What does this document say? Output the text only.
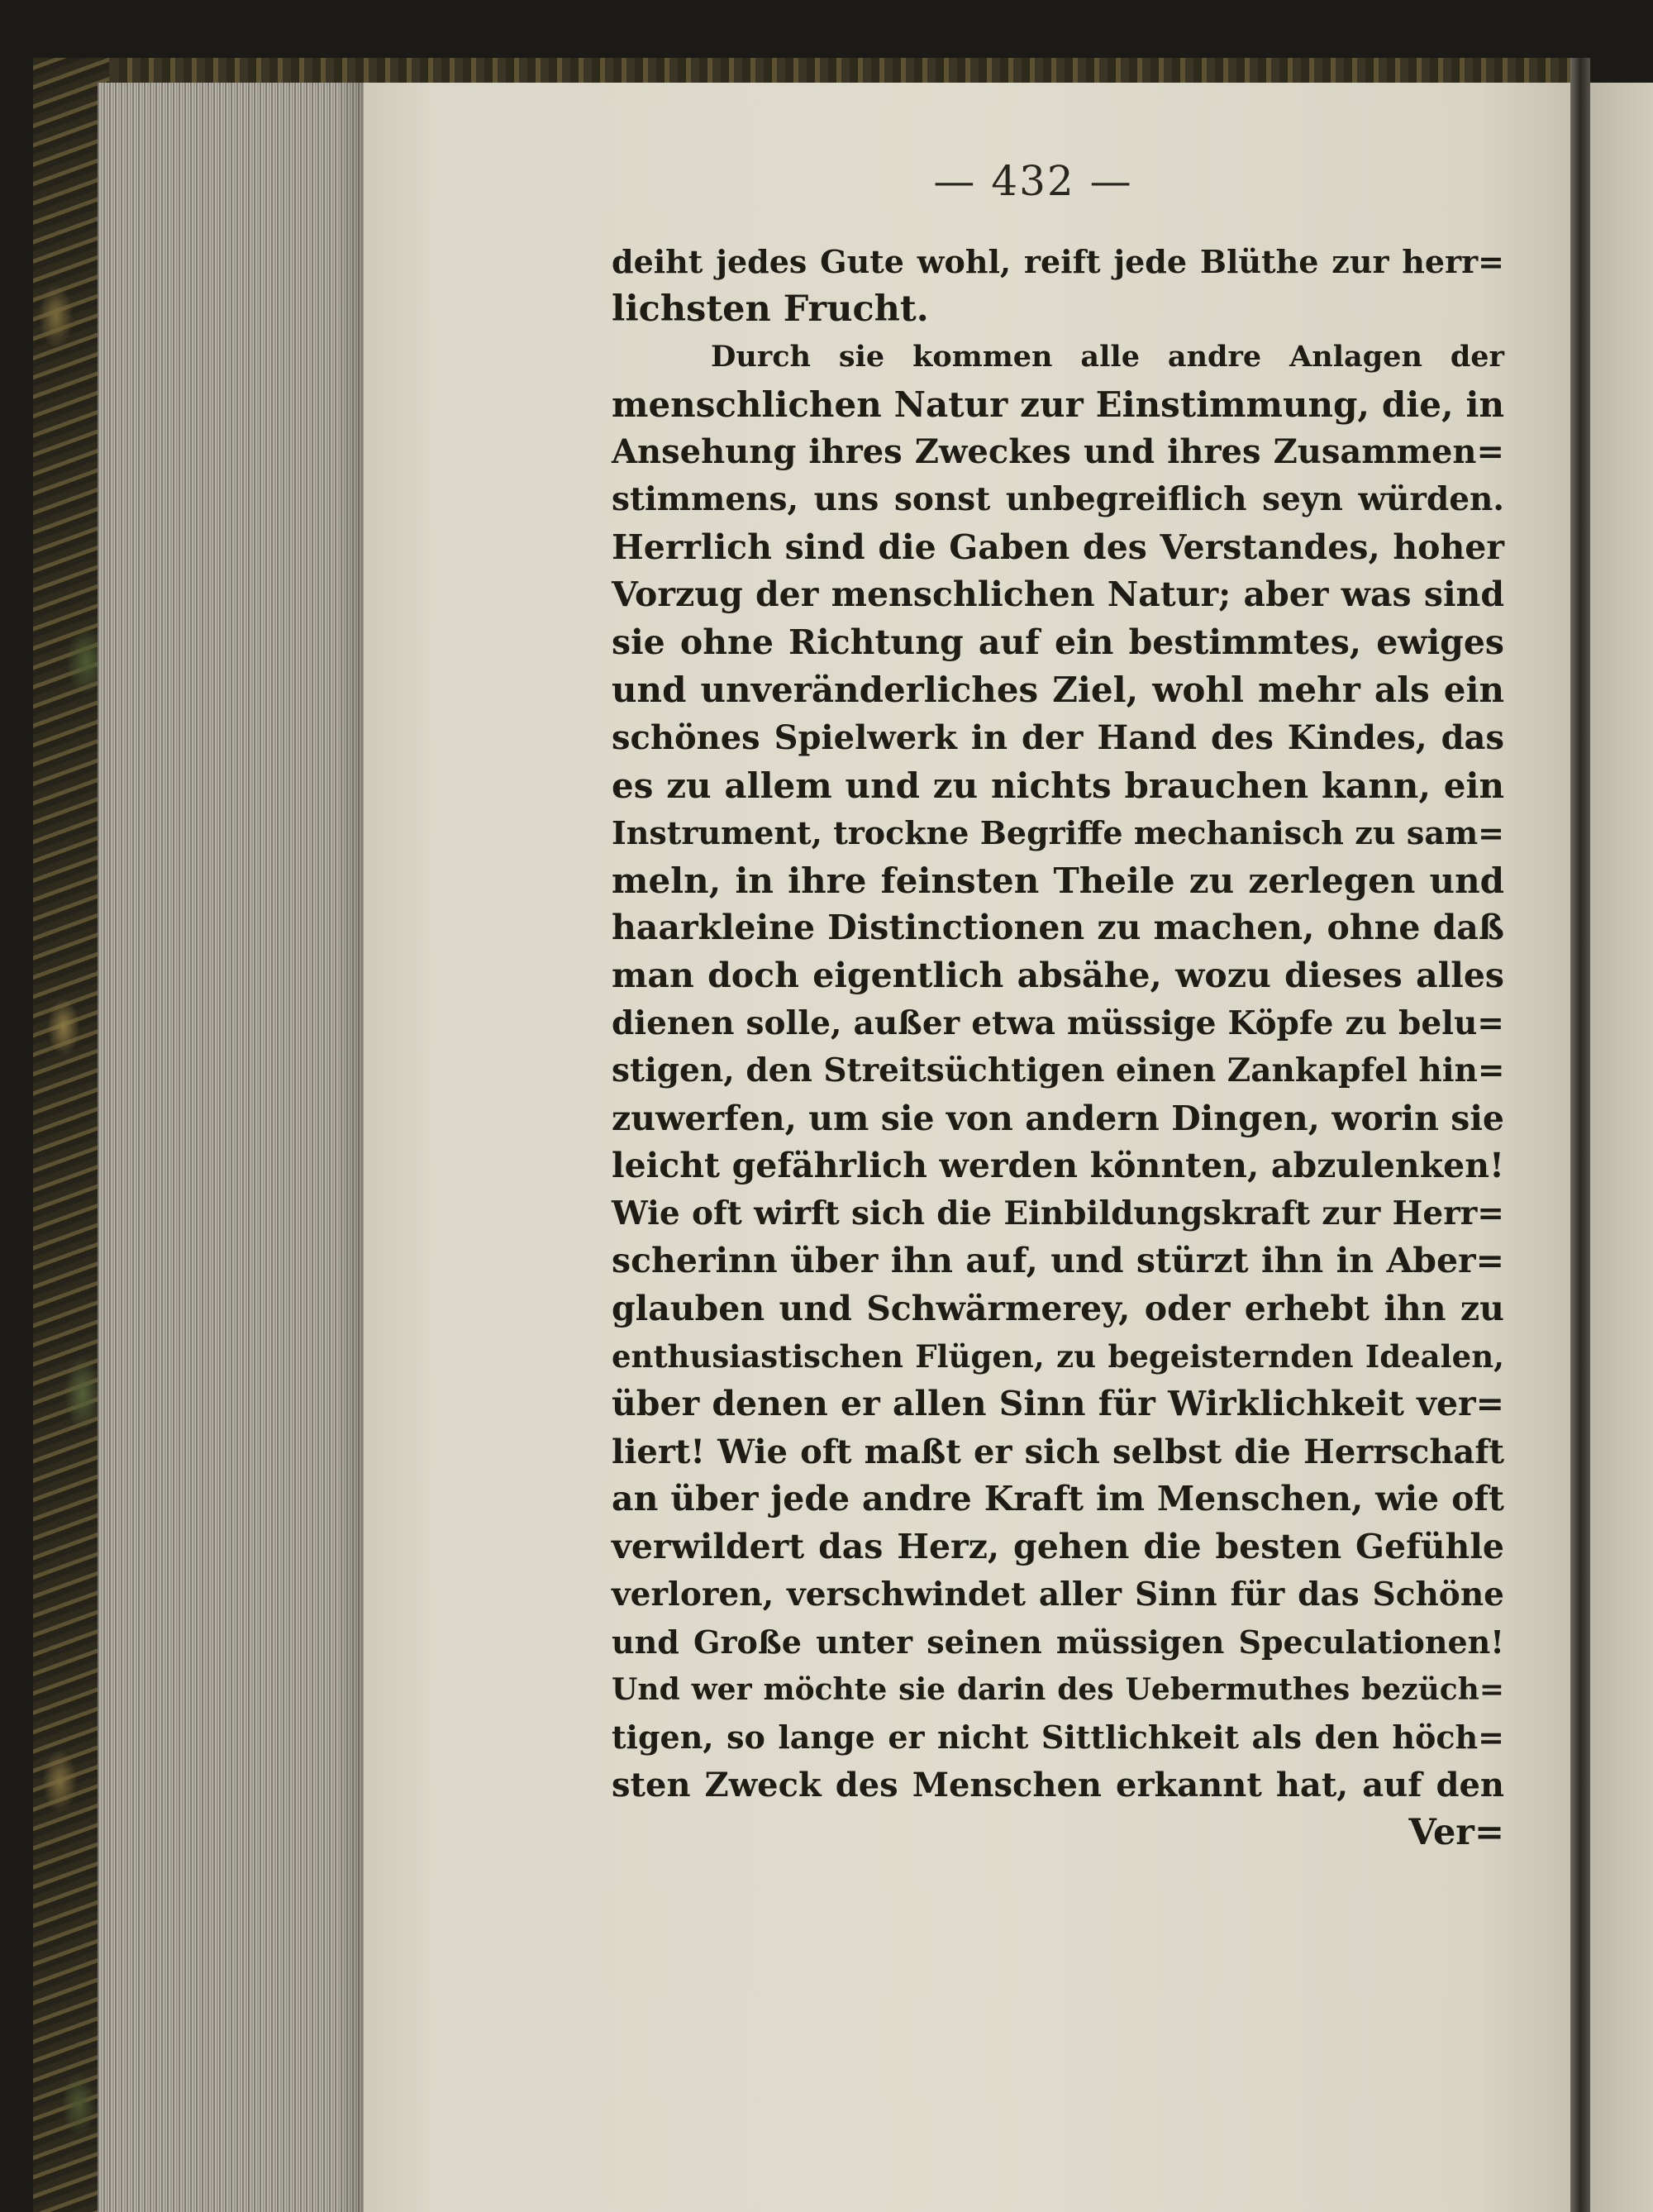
— 432 —
deiht jedes Gute wohl, reift jede Blüthe zur herr=
lichsten Frucht.
Durch sie kommen alle andre Anlagen der
menschlichen Natur zur Einstimmung, die, in
Ansehung ihres Zweckes und ihres Zusammen=
stimmens, uns sonst unbegreiflich seyn würden.
Herrlich sind die Gaben des Verstandes, hoher
Vorzug der menschlichen Natur; aber was sind
sie ohne Richtung auf ein bestimmtes, ewiges
und unveränderliches Ziel, wohl mehr als ein
schönes Spielwerk in der Hand des Kindes, das
es zu allem und zu nichts brauchen kann, ein
Instrument, trockne Begriffe mechanisch zu sam=
meln, in ihre feinsten Theile zu zerlegen und
haarkleine Distinctionen zu machen, ohne daß
man doch eigentlich absähe, wozu dieses alles
dienen solle, außer etwa müssige Köpfe zu belu=
stigen, den Streitsüchtigen einen Zankapfel hin=
zuwerfen, um sie von andern Dingen, worin sie
leicht gefährlich werden könnten, abzulenken!
Wie oft wirft sich die Einbildungskraft zur Herr=
scherinn über ihn auf, und stürzt ihn in Aber=
glauben und Schwärmerey, oder erhebt ihn zu
enthusiastischen Flügen, zu begeisternden Idealen,
über denen er allen Sinn für Wirklichkeit ver=
liert! Wie oft maßt er sich selbst die Herrschaft
an über jede andre Kraft im Menschen, wie oft
verwildert das Herz, gehen die besten Gefühle
verloren, verschwindet aller Sinn für das Schöne
und Große unter seinen müssigen Speculationen!
Und wer möchte sie darin des Uebermuthes bezüch=
tigen, so lange er nicht Sittlichkeit als den höch=
sten Zweck des Menschen erkannt hat, auf den
Ver=
